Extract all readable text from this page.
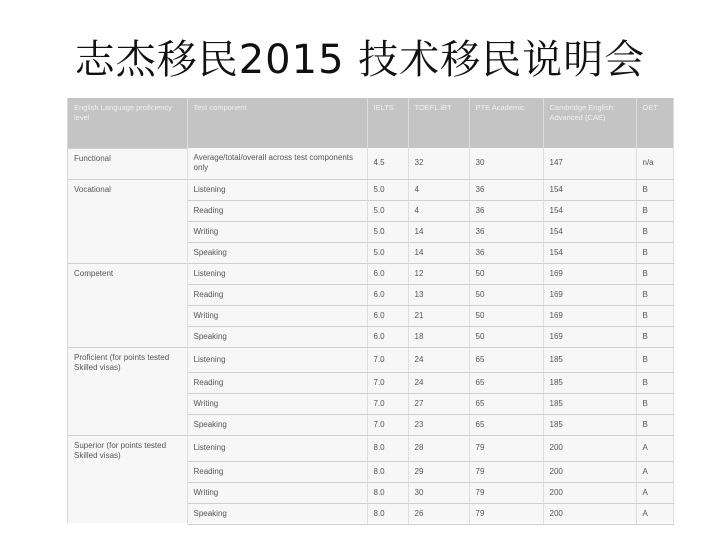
志杰移民2015 技术移民说明会
English Language proficiency level	Test component	IELTS	TOEFL iBT	PTE Academic	Cambridge English: Advanced (CAE)	OET
Functional	Average/total/overall across test components only	4.5	32	30	147	n/a
Vocational	Listening	5.0	4	36	154	B
	Reading	5.0	4	36	154	B
	Writing	5.0	14	36	154	B
	Speaking	5.0	14	36	154	B
Competent	Listening	6.0	12	50	169	B
	Reading	6.0	13	50	169	B
	Writing	6.0	21	50	169	B
	Speaking	6.0	18	50	169	B
Proficient (for points tested Skilled visas)	Listening	7.0	24	65	185	B
	Reading	7.0	24	65	185	B
	Writing	7.0	27	65	185	B
	Speaking	7.0	23	65	185	B
Superior (for points tested Skilled visas)	Listening	8.0	28	79	200	A
	Reading	8.0	29	79	200	A
	Writing	8.0	30	79	200	A
	Speaking	8.0	26	79	200	A
